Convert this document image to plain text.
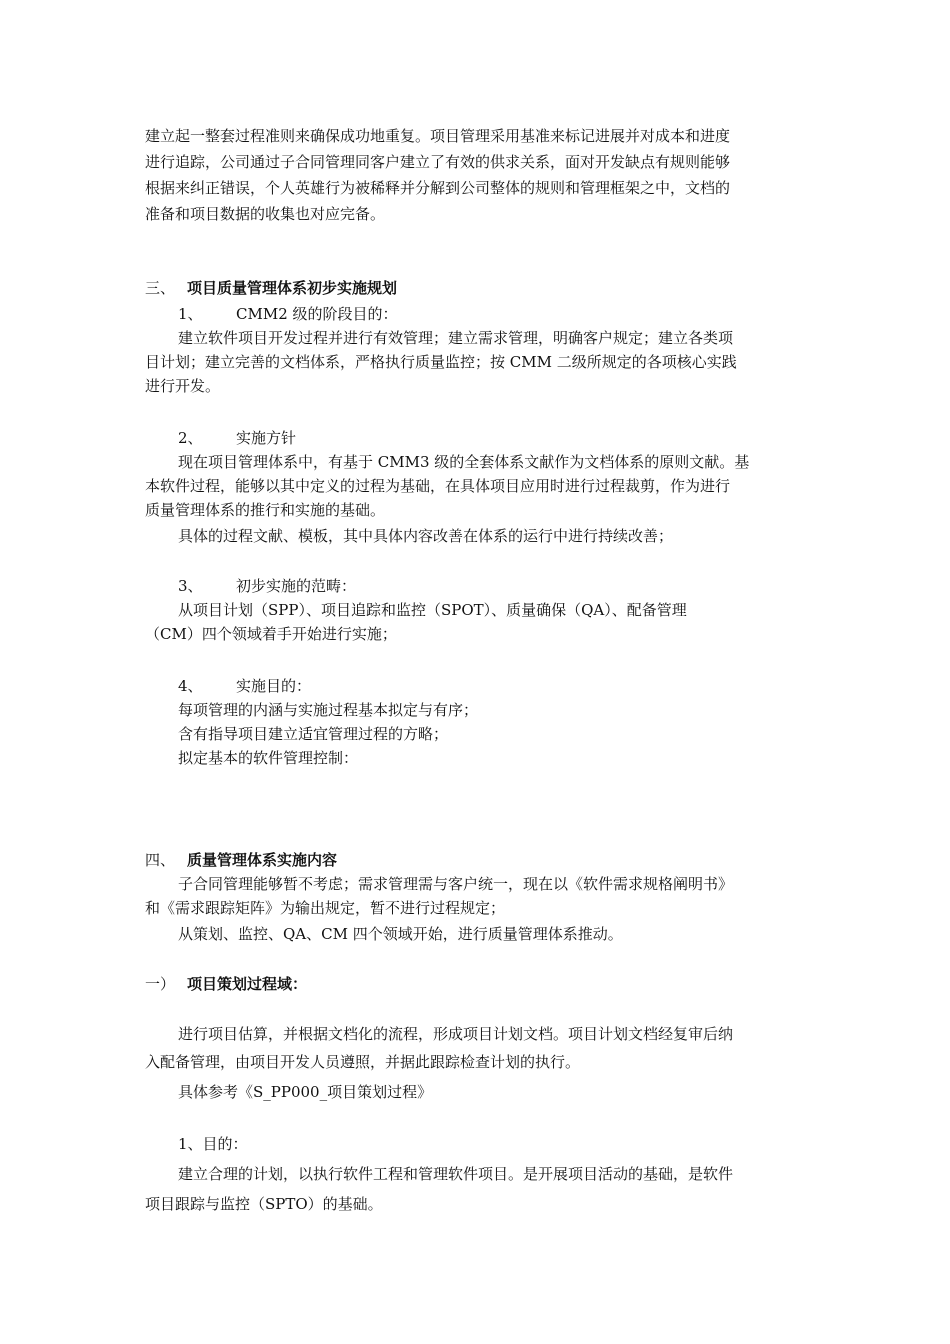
建立起一整套过程准则来确保成功地重复。项目管理采用基准来标记进展并对成本和进度
进行追踪，公司通过子合同管理同客户建立了有效的供求关系，面对开发缺点有规则能够
根据来纠正错误，个人英雄行为被稀释并分解到公司整体的规则和管理框架之中，文档的
准备和项目数据的收集也对应完备。
三、 项目质量管理体系初步实施规划
1、 CMM2 级的阶段目的：
建立软件项目开发过程并进行有效管理；建立需求管理，明确客户规定；建立各类项
目计划；建立完善的文档体系，严格执行质量监控；按 CMM 二级所规定的各项核心实践
进行开发。
2、 实施方针
现在项目管理体系中，有基于 CMM3 级的全套体系文献作为文档体系的原则文献。基
本软件过程，能够以其中定义的过程为基础，在具体项目应用时进行过程裁剪，作为进行
质量管理体系的推行和实施的基础。
具体的过程文献、模板，其中具体内容改善在体系的运行中进行持续改善；
3、 初步实施的范畴：
从项目计划（SPP）、项目追踪和监控（SPOT）、质量确保（QA）、配备管理
（CM）四个领域着手开始进行实施；
4、 实施目的：
每项管理的内涵与实施过程基本拟定与有序；
含有指导项目建立适宜管理过程的方略；
拟定基本的软件管理控制：
四、 质量管理体系实施内容
子合同管理能够暂不考虑；需求管理需与客户统一，现在以《软件需求规格阐明书》
和《需求跟踪矩阵》为输出规定，暂不进行过程规定；
从策划、监控、QA、CM 四个领域开始，进行质量管理体系推动。
一） 项目策划过程域：
进行项目估算，并根据文档化的流程，形成项目计划文档。项目计划文档经复审后纳
入配备管理，由项目开发人员遵照，并据此跟踪检查计划的执行。
具体参考《S_PP000_项目策划过程》
1、目的：
建立合理的计划，以执行软件工程和管理软件项目。是开展项目活动的基础，是软件
项目跟踪与监控（SPTO）的基础。
